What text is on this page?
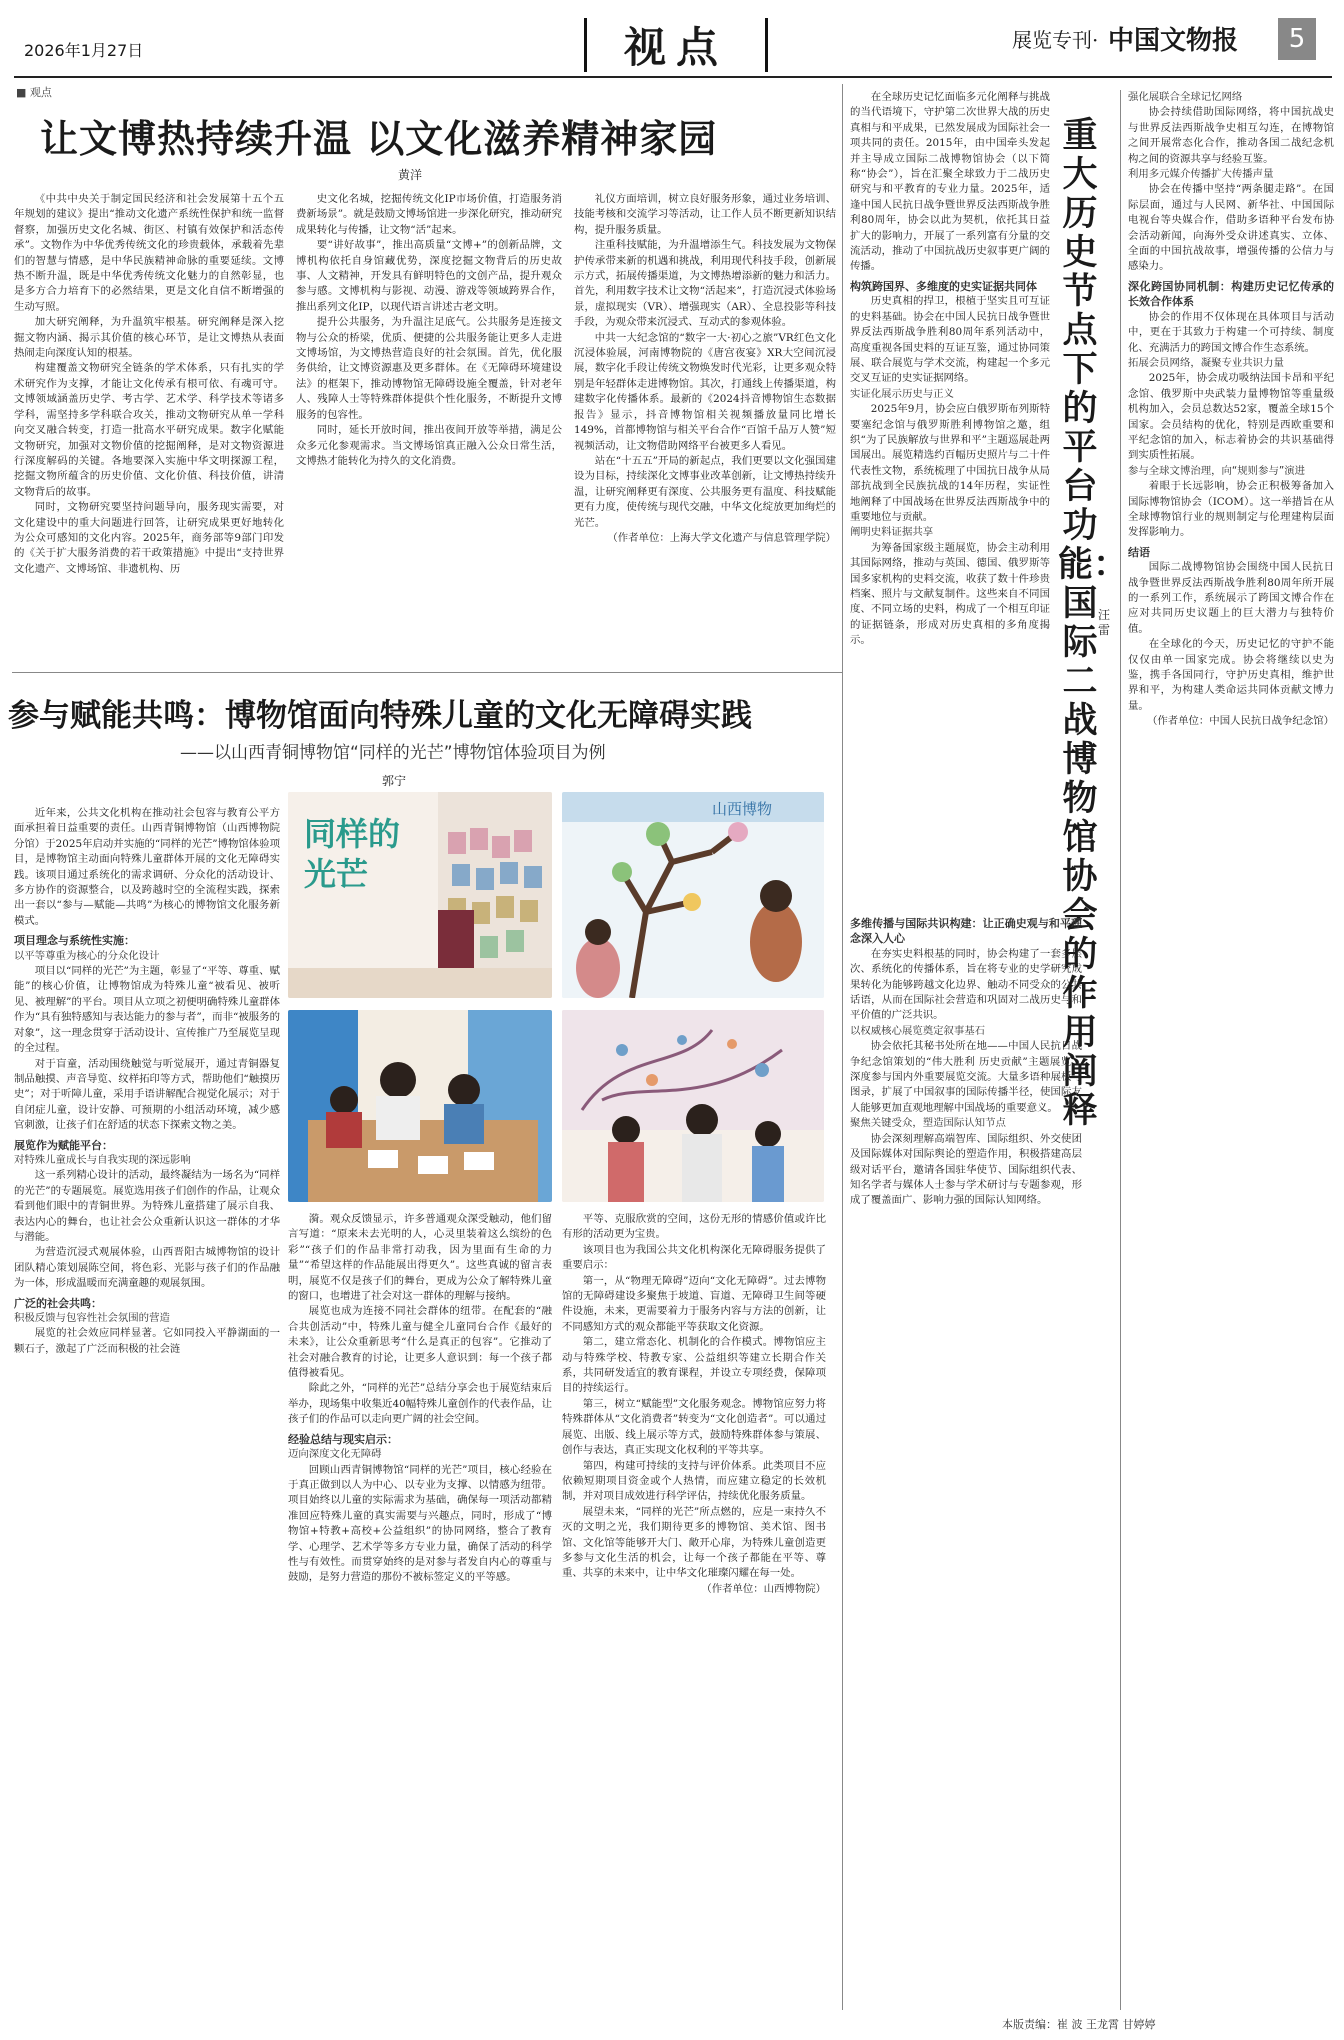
2026年1月27日	视点	展览专刊· 中国文物报	5
■ 观点
让文博热持续升温 以文化滋养精神家园
黄洋

《中共中央关于制定国民经济和社会发展第十五个五年规划的建议》提出“推动文化遗产系统性保护和统一监督督察，加强历史文化名城、街区、村镇有效保护和活态传承”。文物作为中华优秀传统文化的珍贵载体，承载着先辈们的智慧与情感，是中华民族精神命脉的重要延续。文博热不断升温，既是中华优秀传统文化魅力的自然彰显，也是多方合力培育下的必然结果，更是文化自信不断增强的生动写照。

加大研究阐释，为升温筑牢根基。研究阐释是深入挖掘文物内涵、揭示其价值的核心环节，是让文博热从表面热闹走向深度认知的根基。

构建覆盖文物研究全链条的学术体系，只有扎实的学术研究作为支撑，才能让文化传承有根可依、有魂可守。文博领域涵盖历史学、考古学、艺术学、科学技术等诸多学科，需坚持多学科联合攻关，推动文物研究从单一学科向交叉融合转变，打造一批高水平研究成果。数字化赋能文物研究，加强对文物价值的挖掘阐释，是对文物资源进行深度解码的关键。各地要深入实施中华文明探源工程，挖掘文物所蕴含的历史价值、文化价值、科技价值，讲清文物背后的故事。

同时，文物研究要坚持问题导向，服务现实需要，对文化建设中的重大问题进行回答，让研究成果更好地转化为公众可感知的文化内容。2025年，商务部等9部门印发的《关于扩大服务消费的若干政策措施》中提出“支持世界文化遗产、文博场馆、非遗机构、历

史文化名城，挖掘传统文化IP市场价值，打造服务消费新场景”。就是鼓励文博场馆进一步深化研究，推动研究成果转化与传播，让文物“活”起来。

要“讲好故事”，推出高质量“文博+”的创新品牌，文博机构依托自身馆藏优势，深度挖掘文物背后的历史故事、人文精神，开发具有鲜明特色的文创产品，提升观众参与感。文博机构与影视、动漫、游戏等领域跨界合作，推出系列文化IP，以现代语言讲述古老文明。

提升公共服务，为升温注足底气。公共服务是连接文物与公众的桥梁，优质、便捷的公共服务能让更多人走进文博场馆，为文博热营造良好的社会氛围。首先，优化服务供给，让文博资源惠及更多群体。在《无障碍环境建设法》的框架下，推动博物馆无障碍设施全覆盖，针对老年人、残障人士等特殊群体提供个性化服务，不断提升文博服务的包容性。

同时，延长开放时间，推出夜间开放等举措，满足公众多元化参观需求。当文博场馆真正融入公众日常生活，文博热才能转化为持久的文化消费。

礼仪方面培训，树立良好服务形象，通过业务培训、技能考核和交流学习等活动，让工作人员不断更新知识结构，提升服务质量。

注重科技赋能，为升温增添生气。科技发展为文物保护传承带来新的机遇和挑战，利用现代科技手段，创新展示方式，拓展传播渠道，为文博热增添新的魅力和活力。首先，利用数字技术让文物“活起来”，打造沉浸式体验场景，虚拟现实（VR）、增强现实（AR）、全息投影等科技手段，为观众带来沉浸式、互动式的参观体验。

中共一大纪念馆的“数字一大·初心之旅”VR红色文化沉浸体验展，河南博物院的《唐宫夜宴》XR大空间沉浸展，数字化手段让传统文物焕发时代光彩，让更多观众特别是年轻群体走进博物馆。其次，打通线上传播渠道，构建数字化传播体系。最新的《2024抖音博物馆生态数据报告》显示，抖音博物馆相关视频播放量同比增长149%，首都博物馆与相关平台合作“百馆千品万人赞”短视频活动，让文物借助网络平台被更多人看见。

站在“十五五”开局的新起点，我们更要以文化强国建设为目标，持续深化文博事业改革创新，让文博热持续升温，让研究阐释更有深度、公共服务更有温度、科技赋能更有力度，使传统与现代交融，中华文化绽放更加绚烂的光芒。

（作者单位：上海大学文化遗产与信息管理学院）

参与赋能共鸣：博物馆面向特殊儿童的文化无障碍实践
——以山西青铜博物馆“同样的光芒”博物馆体验项目为例
郭宁
同样的光芒
山西博物

近年来，公共文化机构在推动社会包容与教育公平方面承担着日益重要的责任。山西青铜博物馆（山西博物院分馆）于2025年启动并实施的“同样的光芒”博物馆体验项目，是博物馆主动面向特殊儿童群体开展的文化无障碍实践。该项目通过系统化的需求调研、分众化的活动设计、多方协作的资源整合，以及跨越时空的全流程实践，探索出一套以“参与—赋能—共鸣”为核心的博物馆文化服务新模式。

项目理念与系统性实施：

以平等尊重为核心的分众化设计

项目以“同样的光芒”为主题，彰显了“平等、尊重、赋能”的核心价值，让博物馆成为特殊儿童“被看见、被听见、被理解”的平台。项目从立项之初便明确特殊儿童群体作为“具有独特感知与表达能力的参与者”，而非“被服务的对象”，这一理念贯穿于活动设计、宣传推广乃至展览呈现的全过程。

对于盲童，活动围绕触觉与听觉展开，通过青铜器复制品触摸、声音导览、纹样拓印等方式，帮助他们“触摸历史”；对于听障儿童，采用手语讲解配合视觉化展示；对于自闭症儿童，设计安静、可预期的小组活动环境，减少感官刺激，让孩子们在舒适的状态下探索文物之美。

展览作为赋能平台：

对特殊儿童成长与自我实现的深远影响

这一系列精心设计的活动，最终凝结为一场名为“同样的光芒”的专题展览。展览选用孩子们创作的作品，让观众看到他们眼中的青铜世界。为特殊儿童搭建了展示自我、表达内心的舞台，也让社会公众重新认识这一群体的才华与潜能。

为营造沉浸式观展体验，山西晋阳古城博物馆的设计团队精心策划展陈空间，将色彩、光影与孩子们的作品融为一体，形成温暖而充满童趣的观展氛围。

广泛的社会共鸣：

积极反馈与包容性社会氛围的营造

展览的社会效应同样显著。它如同投入平静湖面的一颗石子，激起了广泛而积极的社会涟

漪。观众反馈显示，许多普通观众深受触动，他们留言写道：“原来未去光明的人，心灵里装着这么缤纷的色彩”“孩子们的作品非常打动我，因为里面有生命的力量”“希望这样的作品能展出得更久”。这些真诚的留言表明，展览不仅是孩子们的舞台，更成为公众了解特殊儿童的窗口，也增进了社会对这一群体的理解与接纳。

展览也成为连接不同社会群体的纽带。在配套的“融合共创活动”中，特殊儿童与健全儿童同台合作《最好的未来》，让公众重新思考“什么是真正的包容”。它推动了社会对融合教育的讨论，让更多人意识到：每一个孩子都值得被看见。

除此之外，“同样的光芒”总结分享会也于展览结束后举办，现场集中收集近40幅特殊儿童创作的代表作品，让孩子们的作品可以走向更广阔的社会空间。

经验总结与现实启示：

迈向深度文化无障碍

回顾山西青铜博物馆“同样的光芒”项目，核心经验在于真正做到以人为中心、以专业为支撑、以情感为纽带。项目始终以儿童的实际需求为基础，确保每一项活动都精准回应特殊儿童的真实需要与兴趣点，同时，形成了“博物馆+特教+高校+公益组织”的协同网络，整合了教育学、心理学、艺术学等多方专业力量，确保了活动的科学性与有效性。而贯穿始终的是对参与者发自内心的尊重与鼓励，是努力营造的那份不被标签定义的平等感。

平等、克服欣赏的空间，这份无形的情感价值或许比有形的活动更为宝贵。

该项目也为我国公共文化机构深化无障碍服务提供了重要启示：

第一，从“物理无障碍”迈向“文化无障碍”。过去博物馆的无障碍建设多聚焦于坡道、盲道、无障碍卫生间等硬件设施，未来，更需要着力于服务内容与方法的创新，让不同感知方式的观众都能平等获取文化资源。

第二，建立常态化、机制化的合作模式。博物馆应主动与特殊学校、特教专家、公益组织等建立长期合作关系，共同研发适宜的教育课程，并设立专项经费，保障项目的持续运行。

第三，树立“赋能型”文化服务观念。博物馆应努力将特殊群体从“文化消费者”转变为“文化创造者”。可以通过展览、出版、线上展示等方式，鼓励特殊群体参与策展、创作与表达，真正实现文化权利的平等共享。

第四，构建可持续的支持与评价体系。此类项目不应依赖短期项目资金或个人热情，而应建立稳定的长效机制，并对项目成效进行科学评估，持续优化服务质量。

展望未来，“同样的光芒”所点燃的，应是一束持久不灭的文明之光，我们期待更多的博物馆、美术馆、图书馆、文化馆等能够开大门、敞开心扉，为特殊儿童创造更多参与文化生活的机会，让每一个孩子都能在平等、尊重、共享的未来中，让中华文化璀璨闪耀在每一处。

（作者单位：山西博物院）

在全球历史记忆面临多元化阐释与挑战的当代语境下，守护第二次世界大战的历史真相与和平成果，已然发展成为国际社会一项共同的责任。2015年，由中国牵头发起并主导成立国际二战博物馆协会（以下简称“协会”），旨在汇聚全球致力于二战历史研究与和平教育的专业力量。2025年，适逢中国人民抗日战争暨世界反法西斯战争胜利80周年，协会以此为契机，依托其日益扩大的影响力，开展了一系列富有分量的交流活动，推动了中国抗战历史叙事更广阔的传播。

构筑跨国界、多维度的史实证据共同体

历史真相的捍卫，根植于坚实且可互证的史料基础。协会在中国人民抗日战争暨世界反法西斯战争胜利80周年系列活动中，高度重视各国史料的互证互鉴，通过协同策展、联合展览与学术交流，构建起一个多元交叉互证的史实证据网络。

实证化展示历史与正义

2025年9月，协会应白俄罗斯布列斯特要塞纪念馆与俄罗斯胜利博物馆之邀，组织“为了民族解放与世界和平”主题巡展赴两国展出。展览精选约百幅历史照片与二十件代表性文物，系统梳理了中国抗日战争从局部抗战到全民族抗战的14年历程，实证性地阐释了中国战场在世界反法西斯战争中的重要地位与贡献。

阐明史料证据共享

为筹备国家级主题展览，协会主动利用其国际网络，推动与英国、德国、俄罗斯等国多家机构的史料交流，收获了数十件珍贵档案、照片与文献复制件。这些来自不同国度、不同立场的史料，构成了一个相互印证的证据链条，形成对历史真相的多角度揭示。

重大历史节点下的平台功能：国际二战博物馆协会的作用阐释
汪雷

多维传播与国际共识构建：让正确史观与和平理念深入人心

在夯实史料根基的同时，协会构建了一套多层次、系统化的传播体系，旨在将专业的史学研究成果转化为能够跨越文化边界、触动不同受众的公共话语，从而在国际社会营造和巩固对二战历史与和平价值的广泛共识。

以权威核心展览奠定叙事基石

协会依托其秘书处所在地——中国人民抗日战争纪念馆策划的“伟大胜利 历史贡献”主题展览，深度参与国内外重要展览交流。大量多语种展板与图录，扩展了中国叙事的国际传播半径，使国际友人能够更加直观地理解中国战场的重要意义。

聚焦关键受众，塑造国际认知节点

协会深刻理解高端智库、国际组织、外交使团及国际媒体对国际舆论的塑造作用，积极搭建高层级对话平台，邀请各国驻华使节、国际组织代表、知名学者与媒体人士参与学术研讨与专题参观，形成了覆盖面广、影响力强的国际认知网络。

强化展联合全球记忆网络

协会持续借助国际网络，将中国抗战史与世界反法西斯战争史相互勾连，在博物馆之间开展常态化合作，推动各国二战纪念机构之间的资源共享与经验互鉴。

利用多元媒介传播扩大传播声量

协会在传播中坚持“两条腿走路”。在国际层面，通过与人民网、新华社、中国国际电视台等央媒合作，借助多语种平台发布协会活动新闻，向海外受众讲述真实、立体、全面的中国抗战故事，增强传播的公信力与感染力。

深化跨国协同机制：构建历史记忆传承的长效合作体系

协会的作用不仅体现在具体项目与活动中，更在于其致力于构建一个可持续、制度化、充满活力的跨国文博合作生态系统。

拓展会员网络，凝聚专业共识力量

2025年，协会成功吸纳法国卡昂和平纪念馆、俄罗斯中央武装力量博物馆等重量级机构加入，会员总数达52家，覆盖全球15个国家。会员结构的优化，特别是西欧重要和平纪念馆的加入，标志着协会的共识基础得到实质性拓展。

参与全球文博治理，向“规则参与”演进

着眼于长远影响，协会正积极筹备加入国际博物馆协会（ICOM）。这一举措旨在从全球博物馆行业的规则制定与伦理建构层面发挥影响力。

结语

国际二战博物馆协会围绕中国人民抗日战争暨世界反法西斯战争胜利80周年所开展的一系列工作，系统展示了跨国文博合作在应对共同历史议题上的巨大潜力与独特价值。

在全球化的今天，历史记忆的守护不能仅仅由单一国家完成。协会将继续以史为鉴，携手各国同行，守护历史真相，维护世界和平，为构建人类命运共同体贡献文博力量。

（作者单位：中国人民抗日战争纪念馆）

本版责编：崔 波 王龙霄 甘婷婷
